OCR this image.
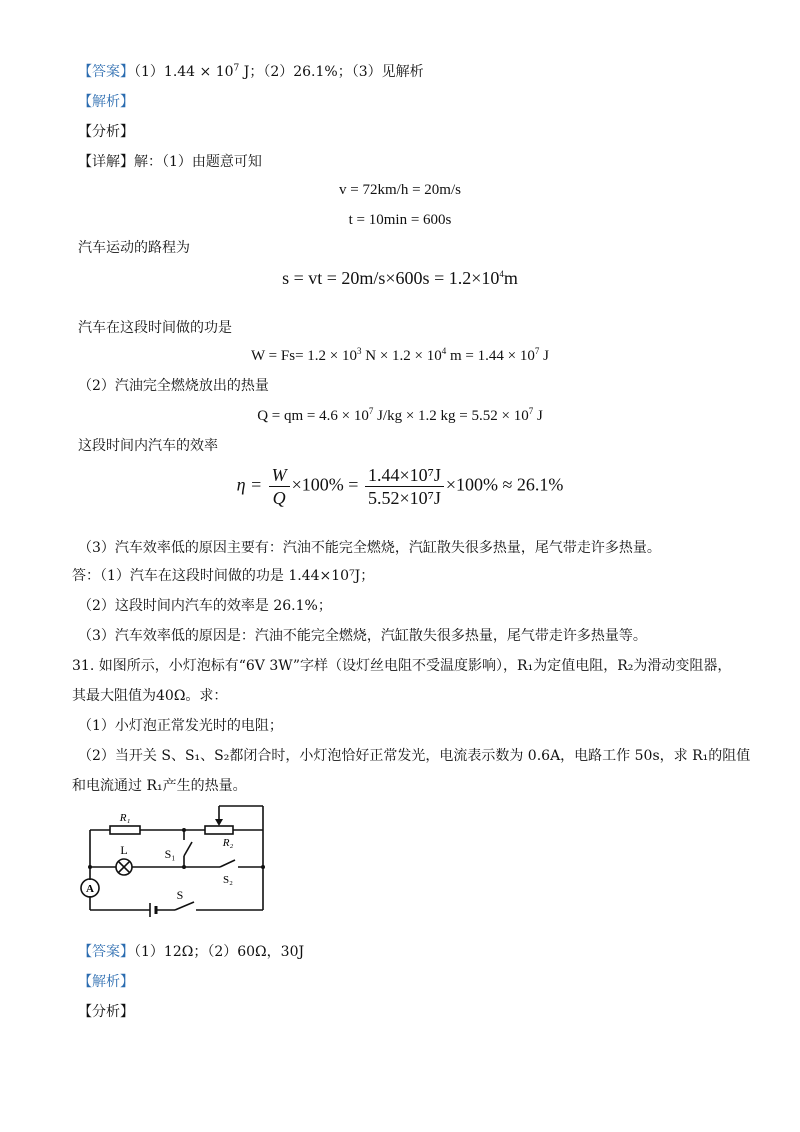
【答案】$(1)1.44 \times 10^7$ J；（2）26.1%；（3）见解析
【解析】
【分析】
【详解】解：（1）由题意可知
v = 72km/h = 20m/s
t = 10min = 600s
汽车运动的路程为
s = vt = $20m/s\times 600s = 1.2\times 10^4m$
汽车在这段时间做的功是
$W = Fs= 1.2 \times 10^3$ $N \times 1.2 \times 10^4$ $m = 1.44 \times 10^7$ J
（2）汽油完全燃烧放出的热量
Q = qm = $4.6 \times 10^7$ J/kg × 1.2 kg = $5.52 \times 10^7$ J
这段时间内汽车的效率
$\eta = \frac{W}{Q} \times 100\% = \frac{\text{1.44×10⁷J}}{\text{5.52×10⁷J}} \times 100\% \approx 26.1\%$
（3）汽车效率低的原因主要有：汽油不能完全燃烧，汽缸散失很多热量，尾气带走许多热量。
答：（1）汽车在这段时间做的功是 1.44×10⁷J；
（2）这段时间内汽车的效率是 26.1%；
（3）汽车效率低的原因是：汽油不能完全燃烧，汽缸散失很多热量，尾气带走许多热量等。
31. 如图所示，小灯泡标有“6V 3W”字样（设灯丝电阻不受温度影响），R₁为定值电阻，R₂为滑动变阻器，
其最大阻值为40Ω。求：
（1）小灯泡正常发光时的电阻；
（2）当开关 S、S₁、S₂都闭合时，小灯泡恰好正常发光，电流表示数为 0.6A，电路工作 50s，求 R₁的阻值
和电流通过 R₁产生的热量。
R₁
R₂
L	S₁
S₂
S
A
【答案】（1）12Ω；（2）60Ω，30J
【解析】
【分析】
